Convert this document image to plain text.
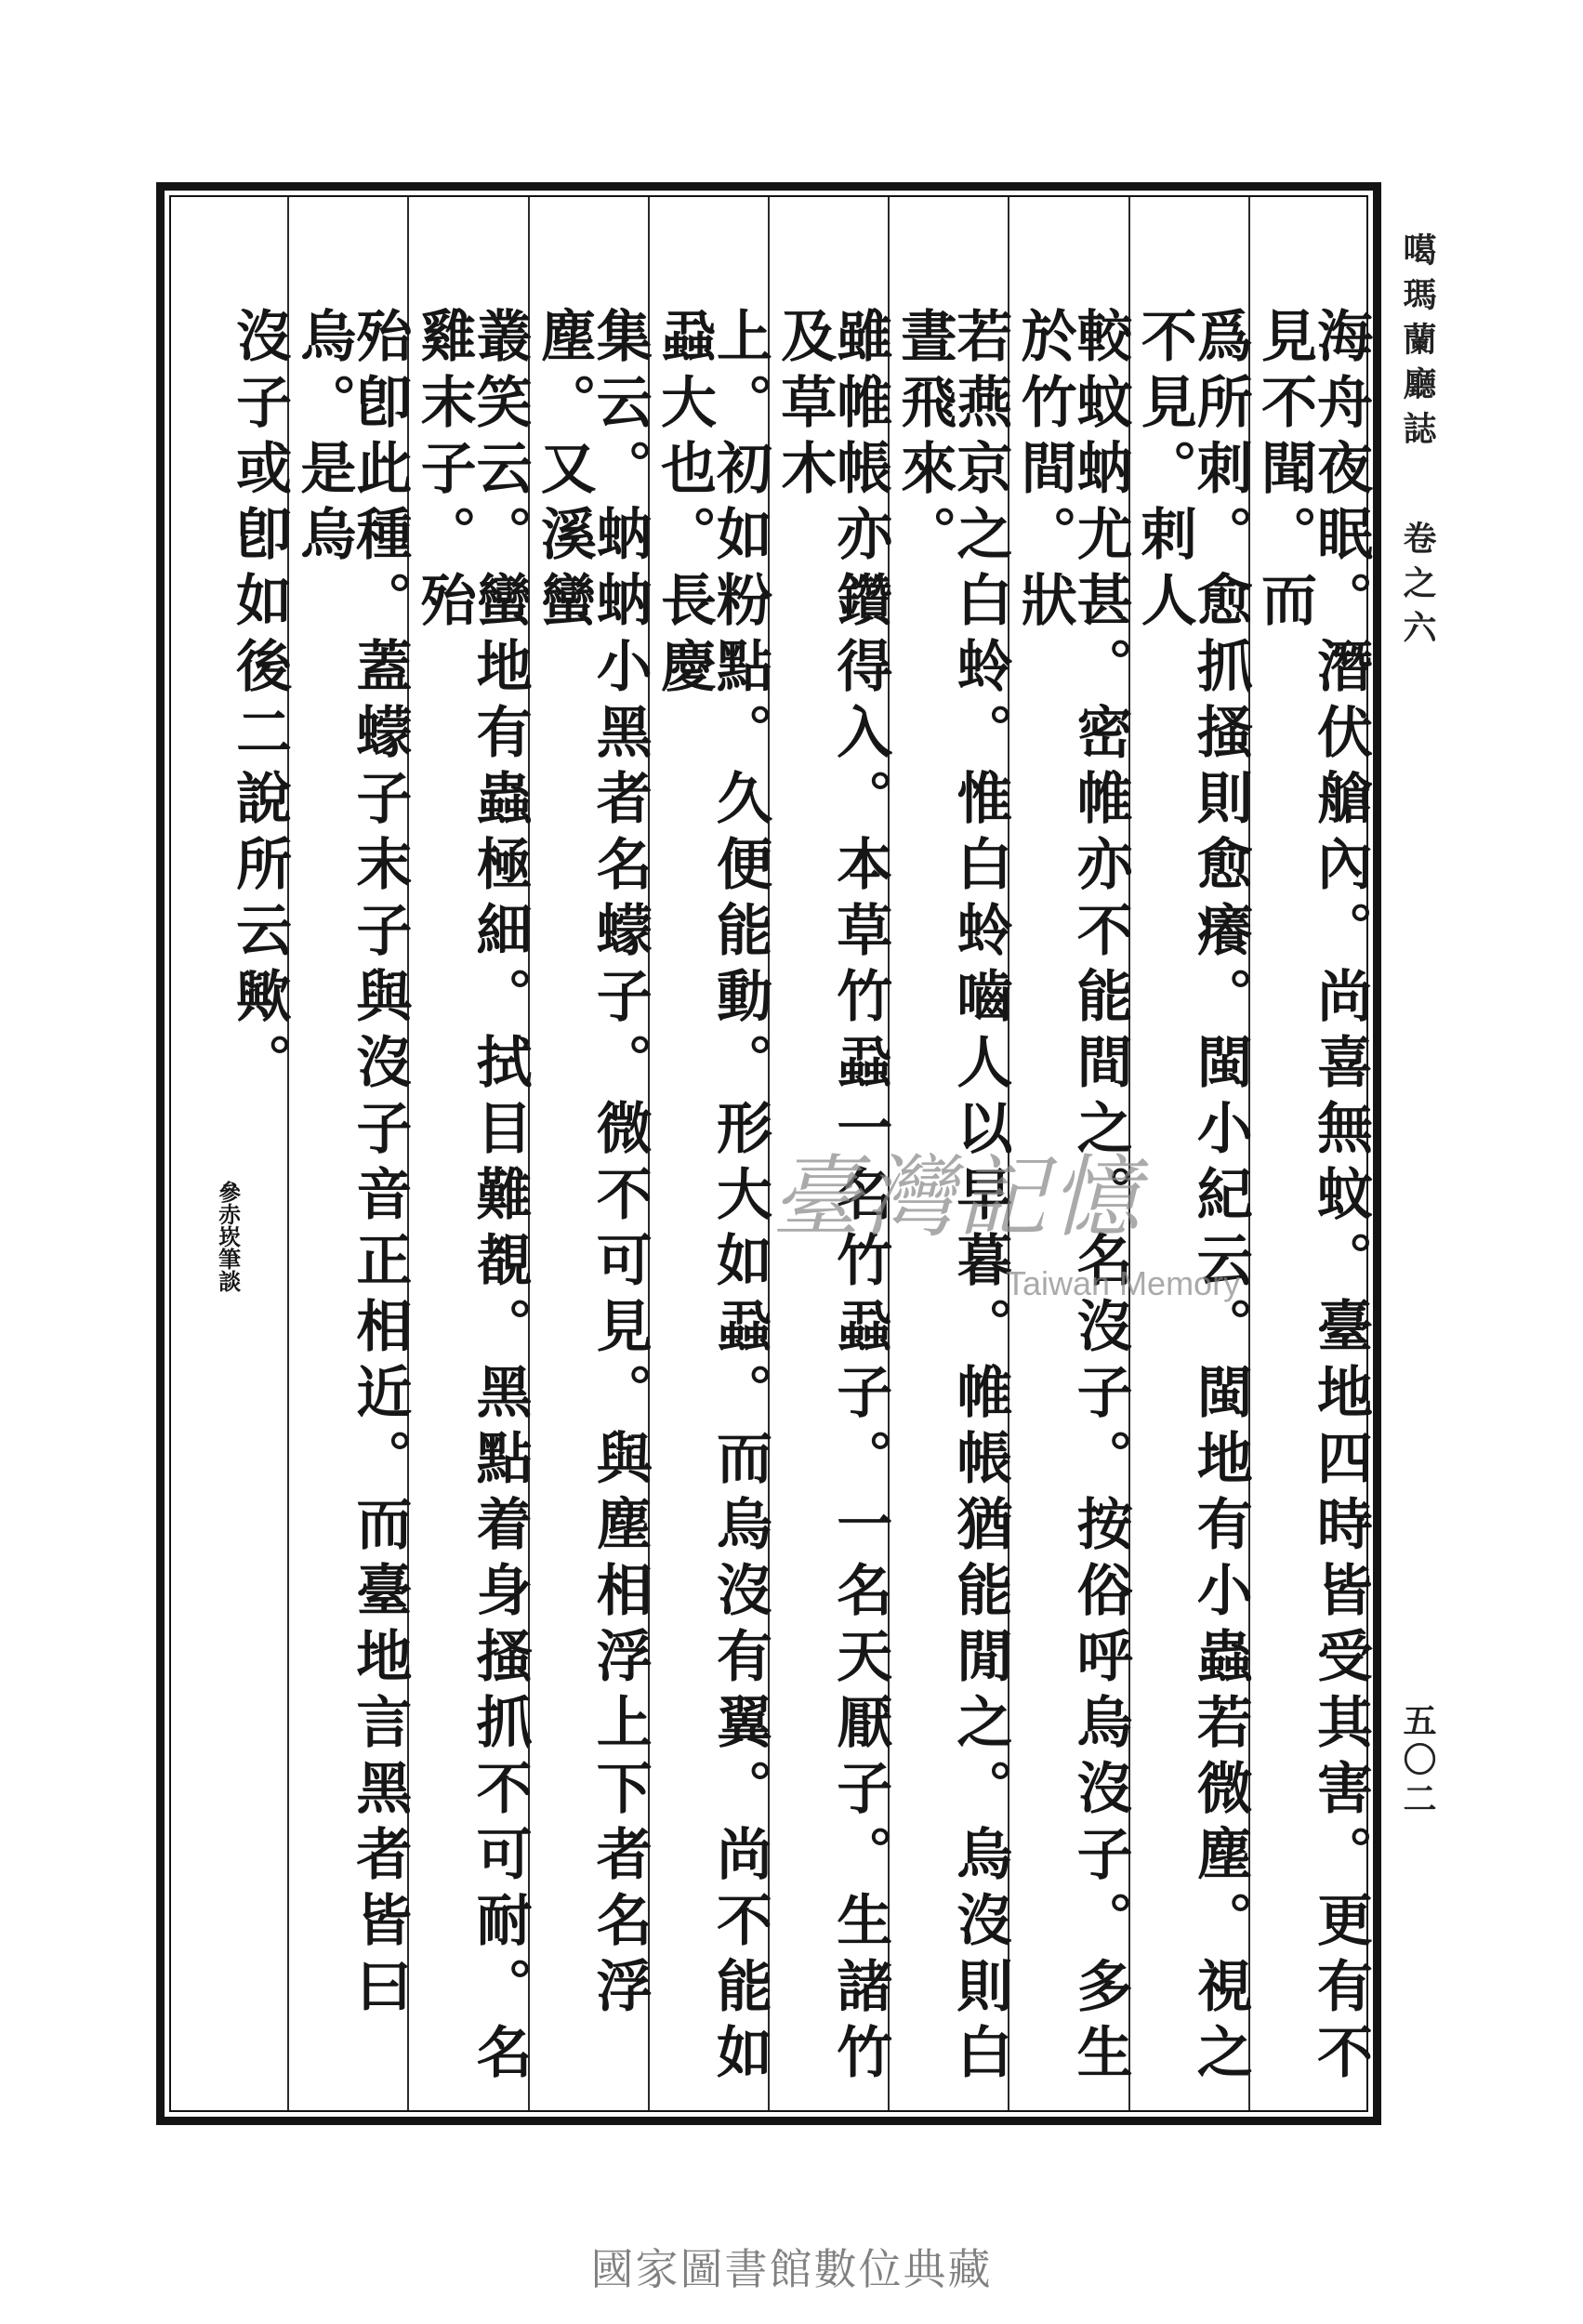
噶瑪蘭廳誌卷之六
五〇二
海舟夜眠。潛伏艙內。尚喜無蚊。臺地四時皆受其害。更有不見不聞。而
爲所刺。愈抓搔則愈癢。閩小紀云。閩地有小蟲若微塵。視之不見。剌人
較蚊蚋尤甚。密帷亦不能間之。名沒子。按俗呼烏沒子。多生於竹間。狀
若燕京之白蛉。惟白蛉嚙人以早暮。帷帳猶能閒之。烏沒則白晝飛來。
雖帷帳亦鑽得入。本草竹蝨一名竹蝨子。一名天厭子。生諸竹及草木
上。初如粉點。久便能動。形大如蝨。而烏沒有翼。尚不能如蝨大也。長慶
集云。蚋蚋小黑者名蠓子。微不可見。與塵相浮上下者名浮塵。又溪蠻
叢笑云。蠻地有蟲極細。拭目難覩。黑點着身搔抓不可耐。名雞末子。殆
殆卽此種。蓋蠓子末子與沒子音正相近。而臺地言黑者皆曰烏。是烏
沒子或卽如後二說所云歟。
參赤崁筆談	臺灣記憶
Taiwan Memory
國家圖書館數位典藏
